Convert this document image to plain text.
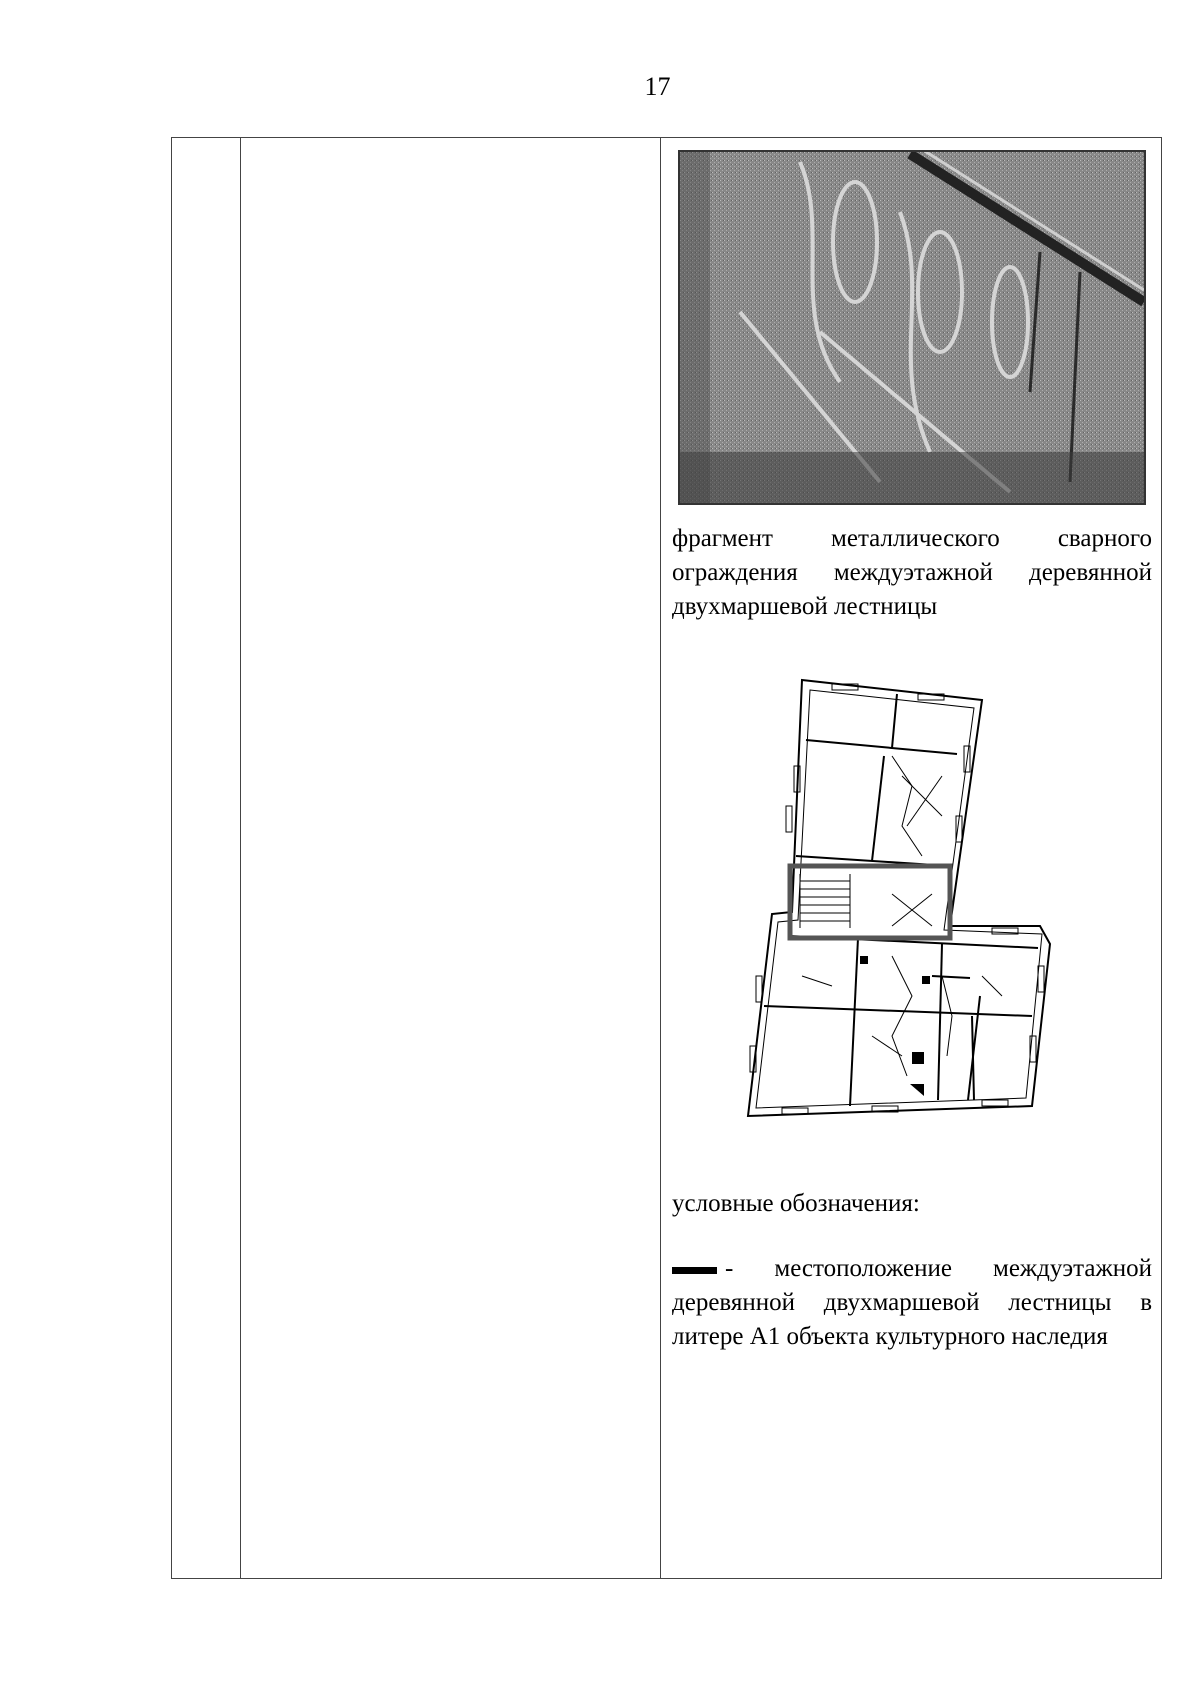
17
фрагмент металлического сварного ограждения междуэтажной деревянной двухмаршевой лестницы
условные обозначения:
- местоположение междуэтажной деревянной двухмаршевой лестницы в литере А1 объекта культурного наследия
